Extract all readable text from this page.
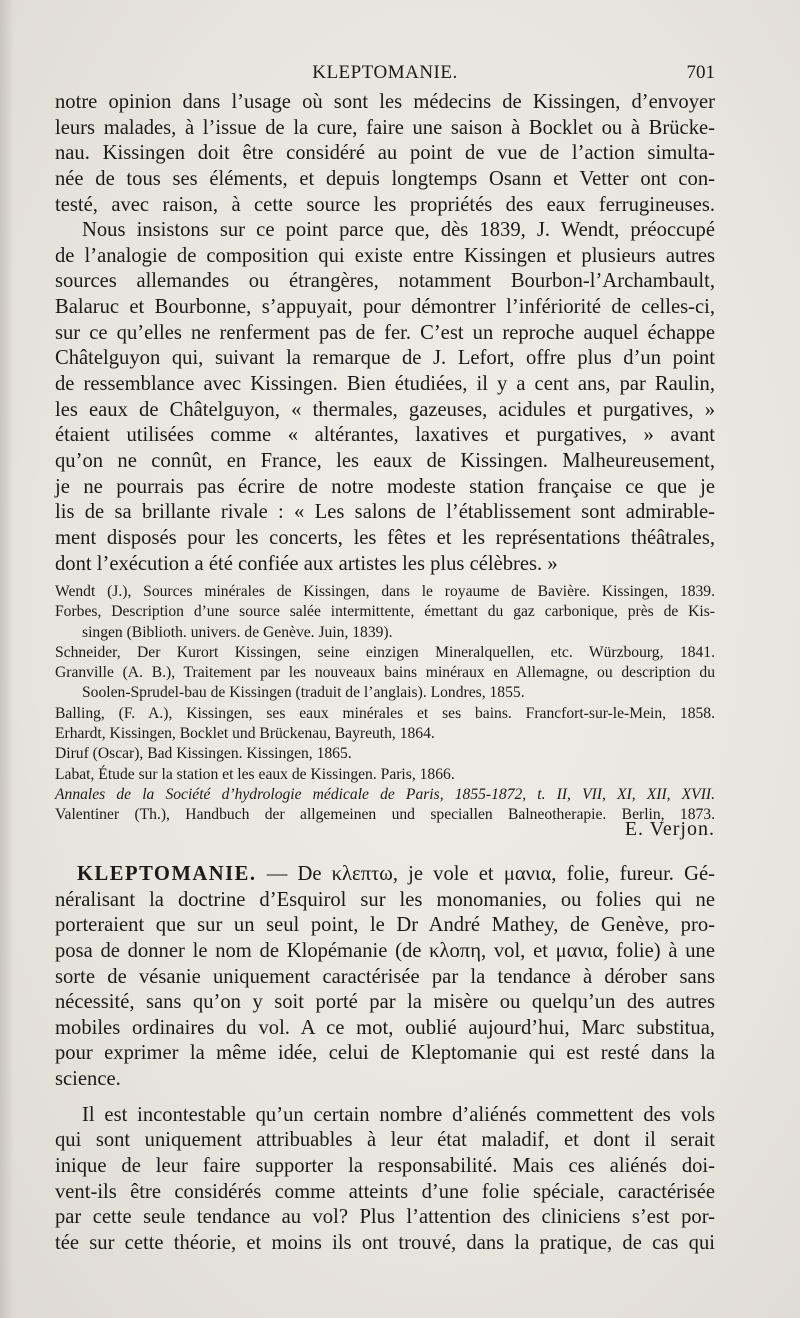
KLEPTOMANIE.	701
notre opinion dans l’usage où sont les médecins de Kissingen, d’envoyer
leurs malades, à l’issue de la cure, faire une saison à Bocklet ou à Brücke-
nau. Kissingen doit être considéré au point de vue de l’action simulta-
née de tous ses éléments, et depuis longtemps Osann et Vetter ont con-
testé, avec raison, à cette source les propriétés des eaux ferrugineuses.
Nous insistons sur ce point parce que, dès 1839, J. Wendt, préoccupé
de l’analogie de composition qui existe entre Kissingen et plusieurs autres
sources allemandes ou étrangères, notamment Bourbon-l’Archambault,
Balaruc et Bourbonne, s’appuyait, pour démontrer l’infériorité de celles-ci,
sur ce qu’elles ne renferment pas de fer. C’est un reproche auquel échappe
Châtelguyon qui, suivant la remarque de J. Lefort, offre plus d’un point
de ressemblance avec Kissingen. Bien étudiées, il y a cent ans, par Raulin,
les eaux de Châtelguyon, « thermales, gazeuses, acidules et purgatives, »
étaient utilisées comme « altérantes, laxatives et purgatives, » avant
qu’on ne connût, en France, les eaux de Kissingen. Malheureusement,
je ne pourrais pas écrire de notre modeste station française ce que je
lis de sa brillante rivale : « Les salons de l’établissement sont admirable-
ment disposés pour les concerts, les fêtes et les représentations théâtrales,
dont l’exécution a été confiée aux artistes les plus célèbres. »
Wendt (J.), Sources minérales de Kissingen, dans le royaume de Bavière. Kissingen, 1839.
Forbes, Description d’une source salée intermittente, émettant du gaz carbonique, près de Kis-
singen (Biblioth. univers. de Genève. Juin, 1839).
Schneider, Der Kurort Kissingen, seine einzigen Mineralquellen, etc. Würzbourg, 1841.
Granville (A. B.), Traitement par les nouveaux bains minéraux en Allemagne, ou description du
Soolen-Sprudel-bau de Kissingen (traduit de l’anglais). Londres, 1855.
Balling, (F. A.), Kissingen, ses eaux minérales et ses bains. Francfort-sur-le-Mein, 1858.
Erhardt, Kissingen, Bocklet und Brückenau, Bayreuth, 1864.
Diruf (Oscar), Bad Kissingen. Kissingen, 1865.
Labat, Étude sur la station et les eaux de Kissingen. Paris, 1866.
Annales de la Société d’hydrologie médicale de Paris, 1855-1872, t. II, VII, XI, XII, XVII.
Valentiner (Th.), Handbuch der allgemeinen und speciallen Balneotherapie. Berlin, 1873.
E. Verjon.
KLEPTOMANIE. — De κλεπτω, je vole et μανια, folie, fureur. Gé-
néralisant la doctrine d’Esquirol sur les monomanies, ou folies qui ne
porteraient que sur un seul point, le Dr André Mathey, de Genève, pro-
posa de donner le nom de Klopémanie (de κλοπη, vol, et μανια, folie) à une
sorte de vésanie uniquement caractérisée par la tendance à dérober sans
nécessité, sans qu’on y soit porté par la misère ou quelqu’un des autres
mobiles ordinaires du vol. A ce mot, oublié aujourd’hui, Marc substitua,
pour exprimer la même idée, celui de Kleptomanie qui est resté dans la
science.
Il est incontestable qu’un certain nombre d’aliénés commettent des vols
qui sont uniquement attribuables à leur état maladif, et dont il serait
inique de leur faire supporter la responsabilité. Mais ces aliénés doi-
vent-ils être considérés comme atteints d’une folie spéciale, caractérisée
par cette seule tendance au vol? Plus l’attention des cliniciens s’est por-
tée sur cette théorie, et moins ils ont trouvé, dans la pratique, de cas qui
